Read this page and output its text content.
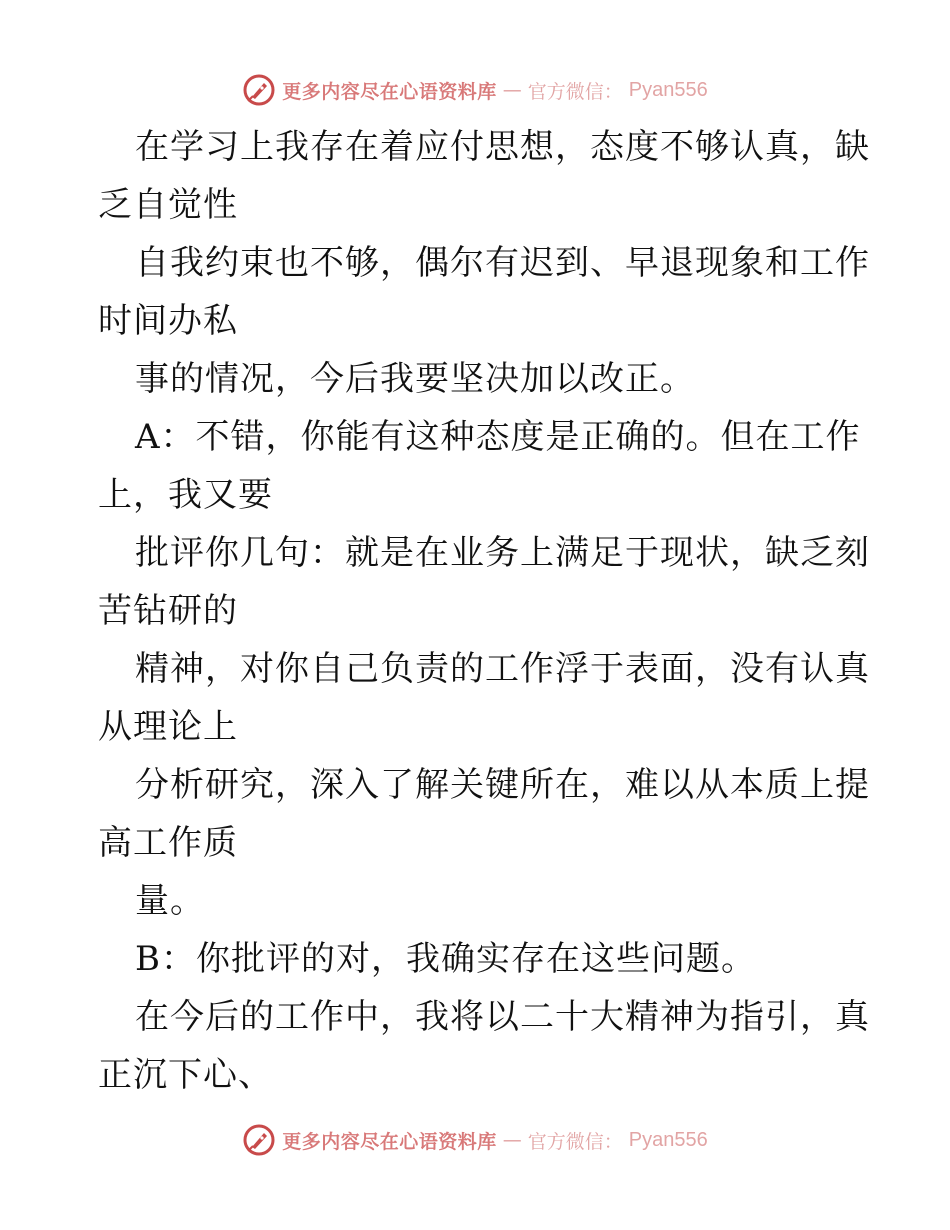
更多内容尽在心语资料库 — 官方微信： Pyan556
在学习上我存在着应付思想，态度不够认真，缺
乏自觉性
自我约束也不够，偶尔有迟到、早退现象和工作
时间办私
事的情况，今后我要坚决加以改正。
A：不错，你能有这种态度是正确的。但在工作
上，我又要
批评你几句：就是在业务上满足于现状，缺乏刻
苦钻研的
精神，对你自己负责的工作浮于表面，没有认真
从理论上
分析研究，深入了解关键所在，难以从本质上提
高工作质
量。
B：你批评的对，我确实存在这些问题。
在今后的工作中，我将以二十大精神为指引，真
正沉下心、
更多内容尽在心语资料库 — 官方微信： Pyan556
